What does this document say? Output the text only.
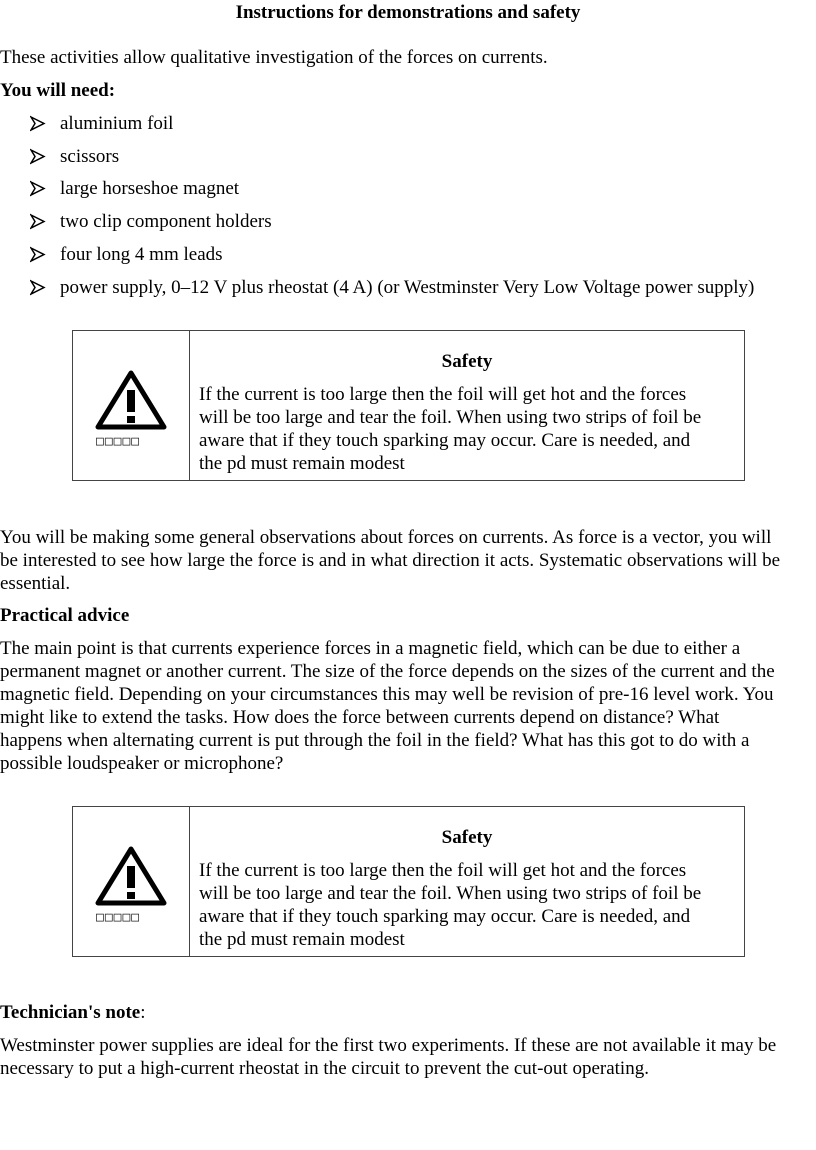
Instructions for demonstrations and safety
These activities allow qualitative investigation of the forces on currents.
You will need:
aluminium foil
scissors
large horseshoe magnet
two clip component holders
four long 4 mm leads
power supply, 0–12 V plus rheostat (4 A) (or Westminster Very Low Voltage power supply)
□□□□□
Safety
If the current is too large then the foil will get hot and the forces
will be too large and tear the foil. When using two strips of foil be
aware that if they touch sparking may occur. Care is needed, and
the pd must remain modest
You will be making some general observations about forces on currents. As force is a vector, you will
be interested to see how large the force is and in what direction it acts. Systematic observations will be
essential.
Practical advice
The main point is that currents experience forces in a magnetic field, which can be due to either a
permanent magnet or another current. The size of the force depends on the sizes of the current and the
magnetic field. Depending on your circumstances this may well be revision of pre-16 level work. You
might like to extend the tasks. How does the force between currents depend on distance? What
happens when alternating current is put through the foil in the field? What has this got to do with a
possible loudspeaker or microphone?
□□□□□
Safety
If the current is too large then the foil will get hot and the forces
will be too large and tear the foil. When using two strips of foil be
aware that if they touch sparking may occur. Care is needed, and
the pd must remain modest
Technician's note:
Westminster power supplies are ideal for the first two experiments. If these are not available it may be
necessary to put a high-current rheostat in the circuit to prevent the cut-out operating.
